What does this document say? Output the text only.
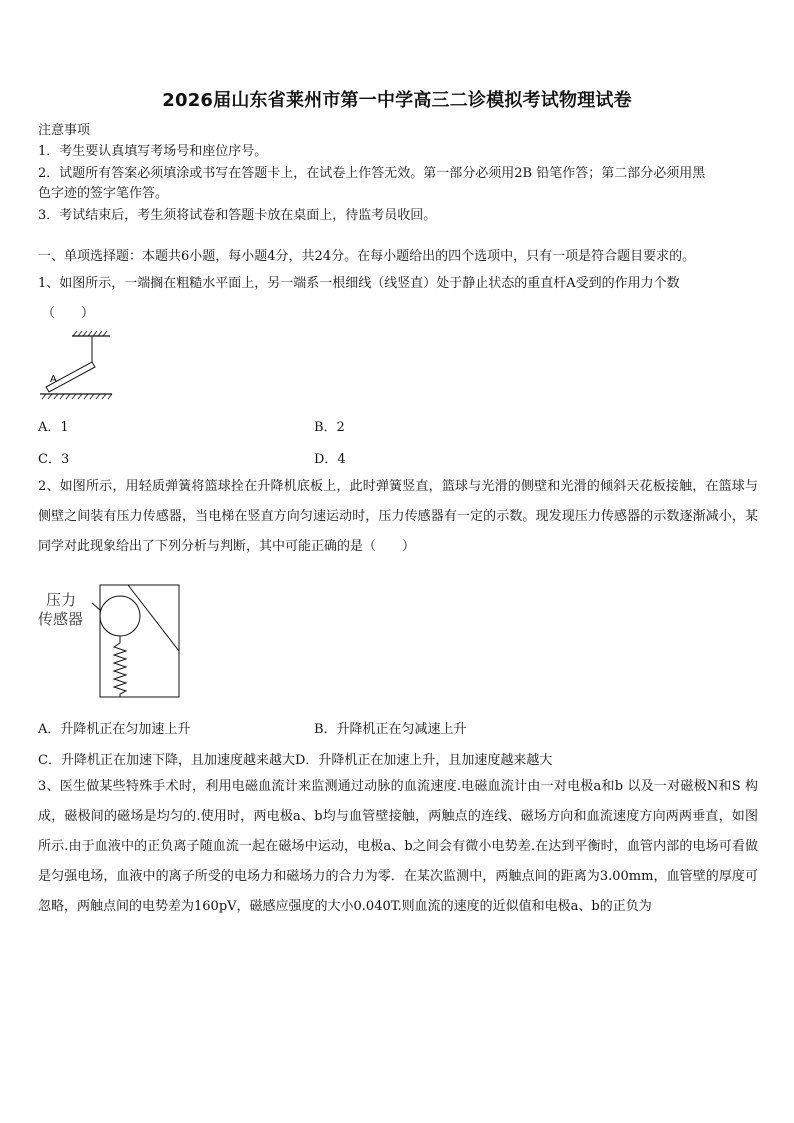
2026届山东省莱州市第一中学高三二诊模拟考试物理试卷
注意事项
1．考生要认真填写考场号和座位序号。
2．试题所有答案必须填涂或书写在答题卡上，在试卷上作答无效。第一部分必须用2B 铅笔作答；第二部分必须用黑
色字迹的签字笔作答。
3．考试结束后，考生须将试卷和答题卡放在桌面上，待监考员收回。
一、单项选择题：本题共6小题，每小题4分，共24分。在每小题给出的四个选项中，只有一项是符合题目要求的。
1、如图所示，一端搁在粗糙水平面上，另一端系一根细线（线竖直）处于静止状态的重直杆A受到的作用力个数
（　　）
A
A．1	B．2
C．3	D．4
2、如图所示，用轻质弹簧将篮球拴在升降机底板上，此时弹簧竖直，篮球与光滑的侧壁和光滑的倾斜天花板接触，在篮球与侧壁之间装有压力传感器，当电梯在竖直方向匀速运动时，压力传感器有一定的示数。现发现压力传感器的示数逐渐减小，某同学对此现象给出了下列分析与判断，其中可能正确的是（　　）
压力
传感器
A．升降机正在匀加速上升	B．升降机正在匀减速上升
C．升降机正在加速下降，且加速度越来越大D．升降机正在加速上升，且加速度越来越大
3、医生做某些特殊手术时，利用电磁血流计来监测通过动脉的血流速度.电磁血流计由一对电极a和b 以及一对磁极N和S 构成，磁极间的磁场是均匀的.使用时，两电极a、b均与血管壁接触，两触点的连线、磁场方向和血流速度方向两两垂直，如图所示.由于血液中的正负离子随血流一起在磁场中运动，电极a、b之间会有微小电势差.在达到平衡时，血管内部的电场可看做是匀强电场，血液中的离子所受的电场力和磁场力的合力为零．在某次监测中，两触点间的距离为3.00mm，血管壁的厚度可忽略，两触点间的电势差为160pV，磁感应强度的大小0.040T.则血流的速度的近似值和电极a、b的正负为
